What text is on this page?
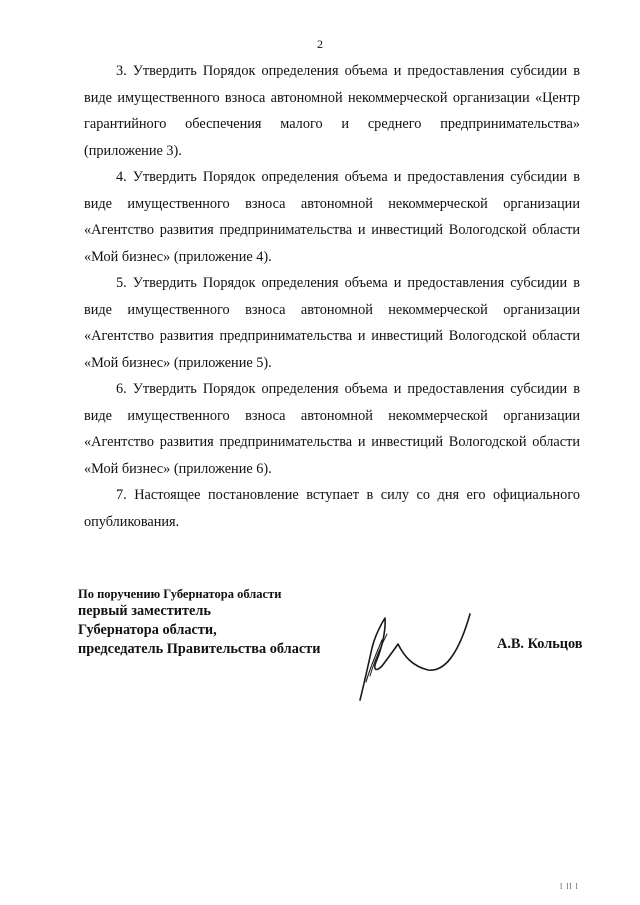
2

3. Утвердить Порядок определения объема и предоставления субсидии в виде имущественного взноса автономной некоммерческой организации «Центр гарантийного обеспечения малого и среднего предпринимательства» (приложение 3).

4. Утвердить Порядок определения объема и предоставления субсидии в виде имущественного взноса автономной некоммерческой организации «Агентство развития предпринимательства и инвестиций Вологодской области «Мой бизнес» (приложение 4).

5. Утвердить Порядок определения объема и предоставления субсидии в виде имущественного взноса автономной некоммерческой организации «Агентство развития предпринимательства и инвестиций Вологодской области «Мой бизнес» (приложение 5).

6. Утвердить Порядок определения объема и предоставления субсидии в виде имущественного взноса автономной некоммерческой организации «Агентство развития предпринимательства и инвестиций Вологодской области «Мой бизнес» (приложение 6).

7. Настоящее постановление вступает в силу со дня его официального опубликования.

По поручению Губернатора области
первый заместитель
Губернатора области,
председатель Правительства области	А.В. Кольцов
l ll l
